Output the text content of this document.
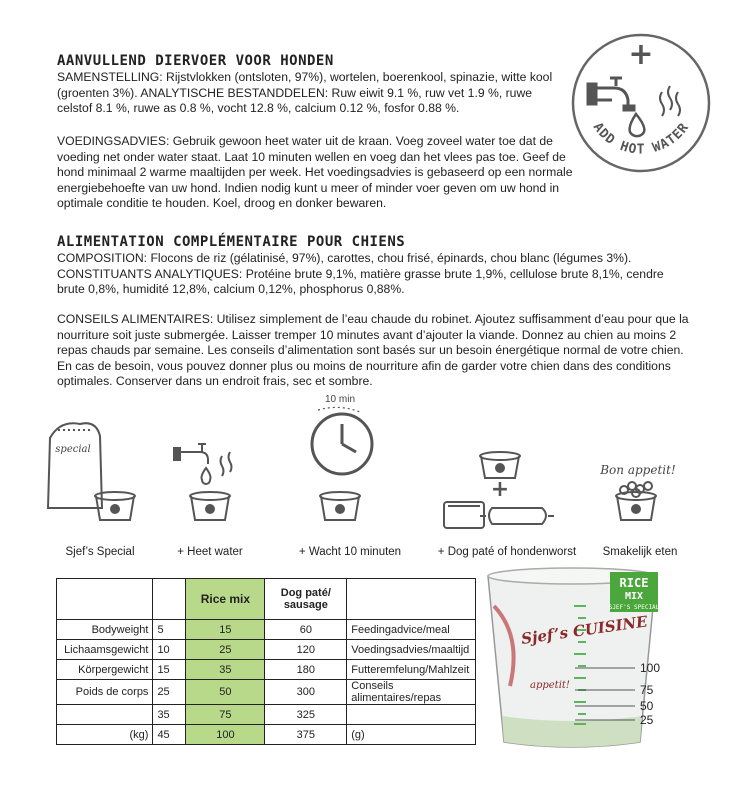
AANVULLEND DIERVOER VOOR HONDEN
SAMENSTELLING: Rijstvlokken (ontsloten, 97%), wortelen, boerenkool, spinazie, witte kool (groenten 3%). ANALYTISCHE BESTANDDELEN: Ruw eiwit 9.1 %, ruw vet 1.9 %, ruwe celstof 8.1 %, ruwe as 0.8 %, vocht 12.8 %, calcium 0.12 %, fosfor 0.88 %.
VOEDINGSADVIES: Gebruik gewoon heet water uit de kraan. Voeg zoveel water toe dat de voeding net onder water staat. Laat 10 minuten wellen en voeg dan het vlees pas toe. Geef de hond minimaal 2 warme maaltijden per week. Het voedingsadvies is gebaseerd op een normale energiebehoefte van uw hond. Indien nodig kunt u meer of minder voer geven om uw hond in optimale conditie te houden. Koel, droog en donker bewaren.
ALIMENTATION COMPLÉMENTAIRE POUR CHIENS
COMPOSITION: Flocons de riz (gélatinisé, 97%), carottes, chou frisé, épinards, chou blanc (légumes 3%). CONSTITUANTS ANALYTIQUES: Protéine brute 9,1%, matière grasse brute 1,9%, cellulose brute 8,1%, cendre brute 0,8%, humidité 12,8%, calcium 0,12%, phosphorus 0,88%.
CONSEILS ALIMENTAIRES: Utilisez simplement de l’eau chaude du robinet. Ajoutez suffisamment d’eau pour que la nourriture soit juste submergée. Laisser tremper 10 minutes avant d’ajouter la viande. Donnez au chien au moins 2 repas chauds par semaine. Les conseils d’alimentation sont basés sur un besoin énergétique normal de votre chien. En cas de besoin, vous pouvez donner plus ou moins de nourriture afin de garder votre chien dans des conditions optimales. Conserver dans un endroit frais, sec et sombre.
+
ADD HOT WATER
special
10 min
+
Bon appetit!
Sjef’s Special	+ Heet water	+ Wacht 10 minuten	+ Dog paté of hondenworst	Smakelijk eten
		Rice mix	Dog paté/ sausage	
Bodyweight	5	15	60	Feedingadvice/meal
Lichaamsgewicht	10	25	120	Voedingsadvies/maaltijd
Körpergewicht	15	35	180	Futteremfelung/Mahlzeit
Poids de corps	25	50	300	Conseils alimentaires/repas
	35	75	325	
(kg)	45	100	375	(g)
Sjef’s CUISINE
appetit!
RICE
MIX
SJEF'S SPECIAL
100
75
50
25
